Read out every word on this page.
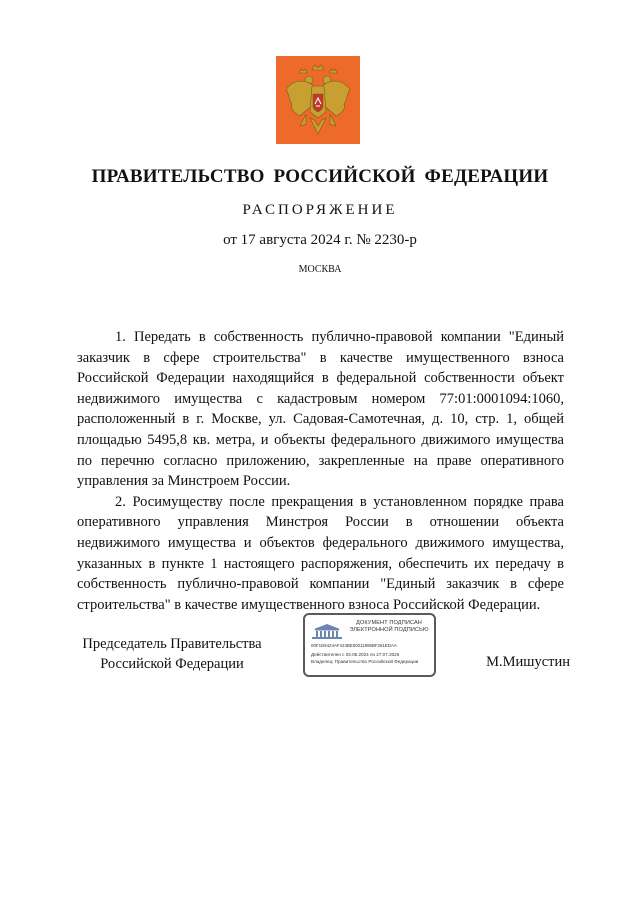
ПРАВИТЕЛЬСТВО РОССИЙСКОЙ ФЕДЕРАЦИИ
РАСПОРЯЖЕНИЕ
от 17 августа 2024 г. № 2230-р
МОСКВА

1. Передать в собственность публично-правовой компании "Единый заказчик в сфере строительства" в качестве имущественного взноса Российской Федерации находящийся в федеральной собственности объект недвижимого имущества с кадастровым номером 77:01:0001094:1060, расположенный в г. Москве, ул. Садовая-Самотечная, д. 10, стр. 1, общей площадью 5495,8 кв. метра, и объекты федерального движимого имущества по перечню согласно приложению, закрепленные на праве оперативного управления за Минстроем России.

2. Росимуществу после прекращения в установленном порядке права оперативного управления Минстроя России в отношении объекта недвижимого имущества и объектов федерального движимого имущества, указанных в пункте 1 настоящего распоряжения, обеспечить их передачу в собственность публично-правовой компании "Единый заказчик в сфере строительства" в качестве имущественного взноса Российской Федерации.

Председатель Правительства
Российской Федерации
ДОКУМЕНТ ПОДПИСАН
ЭЛЕКТРОННОЙ ПОДПИСЬЮ
00F1D9424AF424BE50011895BF261EDAA
Действителен с 03.05.2024 по 27.07.2025
Владелец: Правительство Российской Федерации	М.Мишустин
